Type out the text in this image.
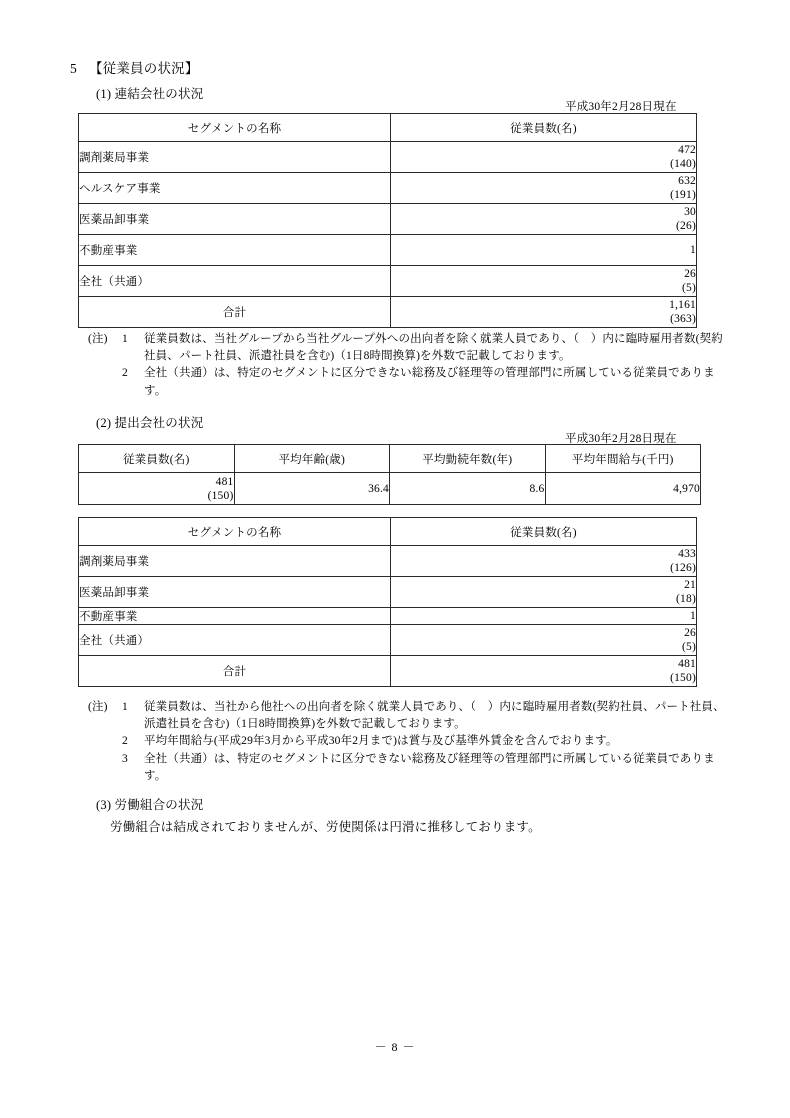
5 【従業員の状況】
(1) 連結会社の状況
平成30年2月28日現在
セグメントの名称	従業員数(名)
調剤薬局事業	472
(140)

ヘルスケア事業	632
(191)

医薬品卸事業	30
(26)

不動産事業	1
全社（共通）	26
(5)

合計	1,161
(363)
(注)	1	従業員数は、当社グループから当社グループ外への出向者を除く就業人員であり、（　）内に臨時雇用者数(契約社員、パート社員、派遣社員を含む)（1日8時間換算)を外数で記載しております。
2	全社（共通）は、特定のセグメントに区分できない総務及び経理等の管理部門に所属している従業員であります。
(2) 提出会社の状況
平成30年2月28日現在
従業員数(名)	平均年齢(歳)	平均勤続年数(年)	平均年間給与(千円)
481
(150)	36.4	8.6	4,970
セグメントの名称	従業員数(名)
調剤薬局事業	433
(126)

医薬品卸事業	21
(18)

不動産事業	1
全社（共通）	26
(5)

合計	481
(150)
(注)	1	従業員数は、当社から他社への出向者を除く就業人員であり、（　）内に臨時雇用者数(契約社員、パート社員、派遣社員を含む)（1日8時間換算)を外数で記載しております。
2	平均年間給与(平成29年3月から平成30年2月まで)は賞与及び基準外賃金を含んでおります。
3	全社（共通）は、特定のセグメントに区分できない総務及び経理等の管理部門に所属している従業員であります。
(3) 労働組合の状況
労働組合は結成されておりませんが、労使関係は円滑に推移しております。
－ 8 －
